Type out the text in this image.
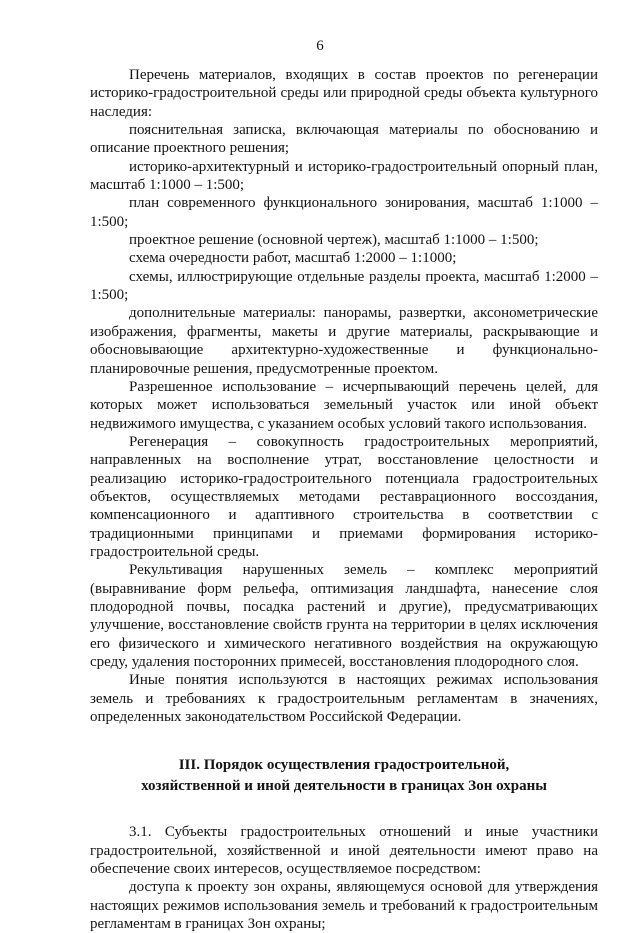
6

Перечень материалов, входящих в состав проектов по регенерации историко-градостроительной среды или природной среды объекта культурного наследия:

пояснительная записка, включающая материалы по обоснованию и описание проектного решения;

историко-архитектурный и историко-градостроительный опорный план, масштаб 1:1000 – 1:500;

план современного функционального зонирования, масштаб 1:1000 – 1:500;

проектное решение (основной чертеж), масштаб 1:1000 – 1:500;

схема очередности работ, масштаб 1:2000 – 1:1000;

схемы, иллюстрирующие отдельные разделы проекта, масштаб 1:2000 – 1:500;

дополнительные материалы: панорамы, развертки, аксонометрические изображения, фрагменты, макеты и другие материалы, раскрывающие и обосновывающие архитектурно-художественные и функционально-планировочные решения, предусмотренные проектом.

Разрешенное использование – исчерпывающий перечень целей, для которых может использоваться земельный участок или иной объект недвижимого имущества, с указанием особых условий такого использования.

Регенерация – совокупность градостроительных мероприятий, направленных на восполнение утрат, восстановление целостности и реализацию историко-градостроительного потенциала градостроительных объектов, осуществляемых методами реставрационного воссоздания, компенсационного и адаптивного строительства в соответствии с традиционными принципами и приемами формирования историко-градостроительной среды.

Рекультивация нарушенных земель – комплекс мероприятий (выравнивание форм рельефа, оптимизация ландшафта, нанесение слоя плодородной почвы, посадка растений и другие), предусматривающих улучшение, восстановление свойств грунта на территории в целях исключения его физического и химического негативного воздействия на окружающую среду, удаления посторонних примесей, восстановления плодородного слоя.

Иные понятия используются в настоящих режимах использования земель и требованиях к градостроительным регламентам в значениях, определенных законодательством Российской Федерации.

III. Порядок осуществления градостроительной,
хозяйственной и иной деятельности в границах Зон охраны

3.1. Субъекты градостроительных отношений и иные участники градостроительной, хозяйственной и иной деятельности имеют право на обеспечение своих интересов, осуществляемое посредством:

доступа к проекту зон охраны, являющемуся основой для утверждения настоящих режимов использования земель и требований к градостроительным регламентам в границах Зон охраны;
